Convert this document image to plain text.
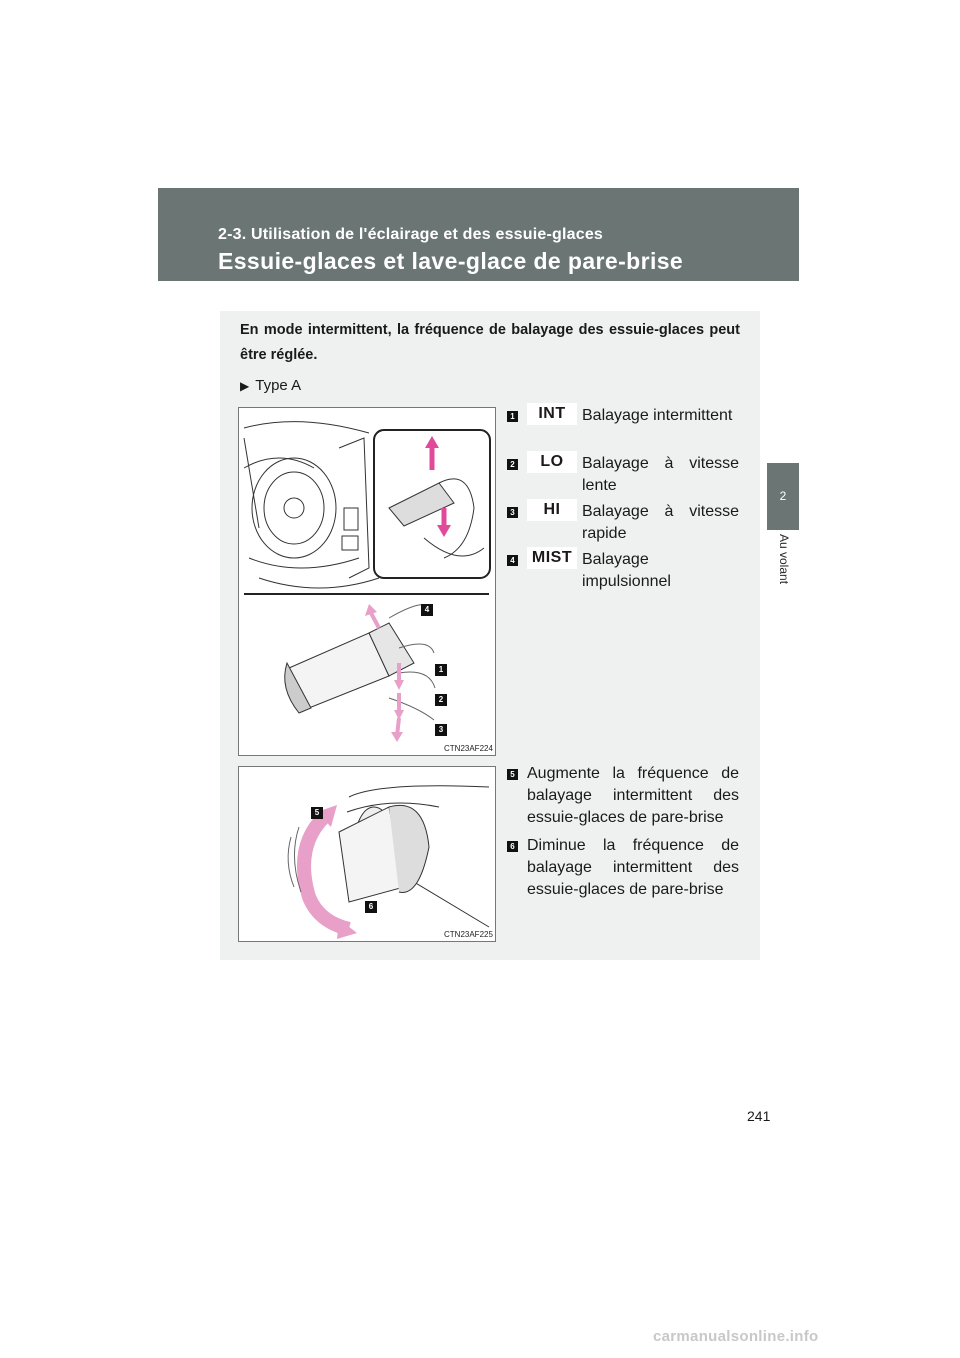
2-3. Utilisation de l'éclairage et des essuie-glaces
Essuie-glaces et lave-glace de pare-brise
2
Au volant
En mode intermittent, la fréquence de balayage des essuie-glaces peut être réglée.
▶ Type A
4
1
2
3
CTN23AF224
5
6
CTN23AF225
1	INT	Balayage intermittent
2	LO	Balayage à vitesse lente
3	HI	Balayage à vitesse rapide
4	MIST Balayage impulsionnel
5 Augmente la fréquence de balayage intermittent des essuie-glaces de pare-brise
6 Diminue la fréquence de balayage intermittent des essuie-glaces de pare-brise
241
carmanualsonline.info
